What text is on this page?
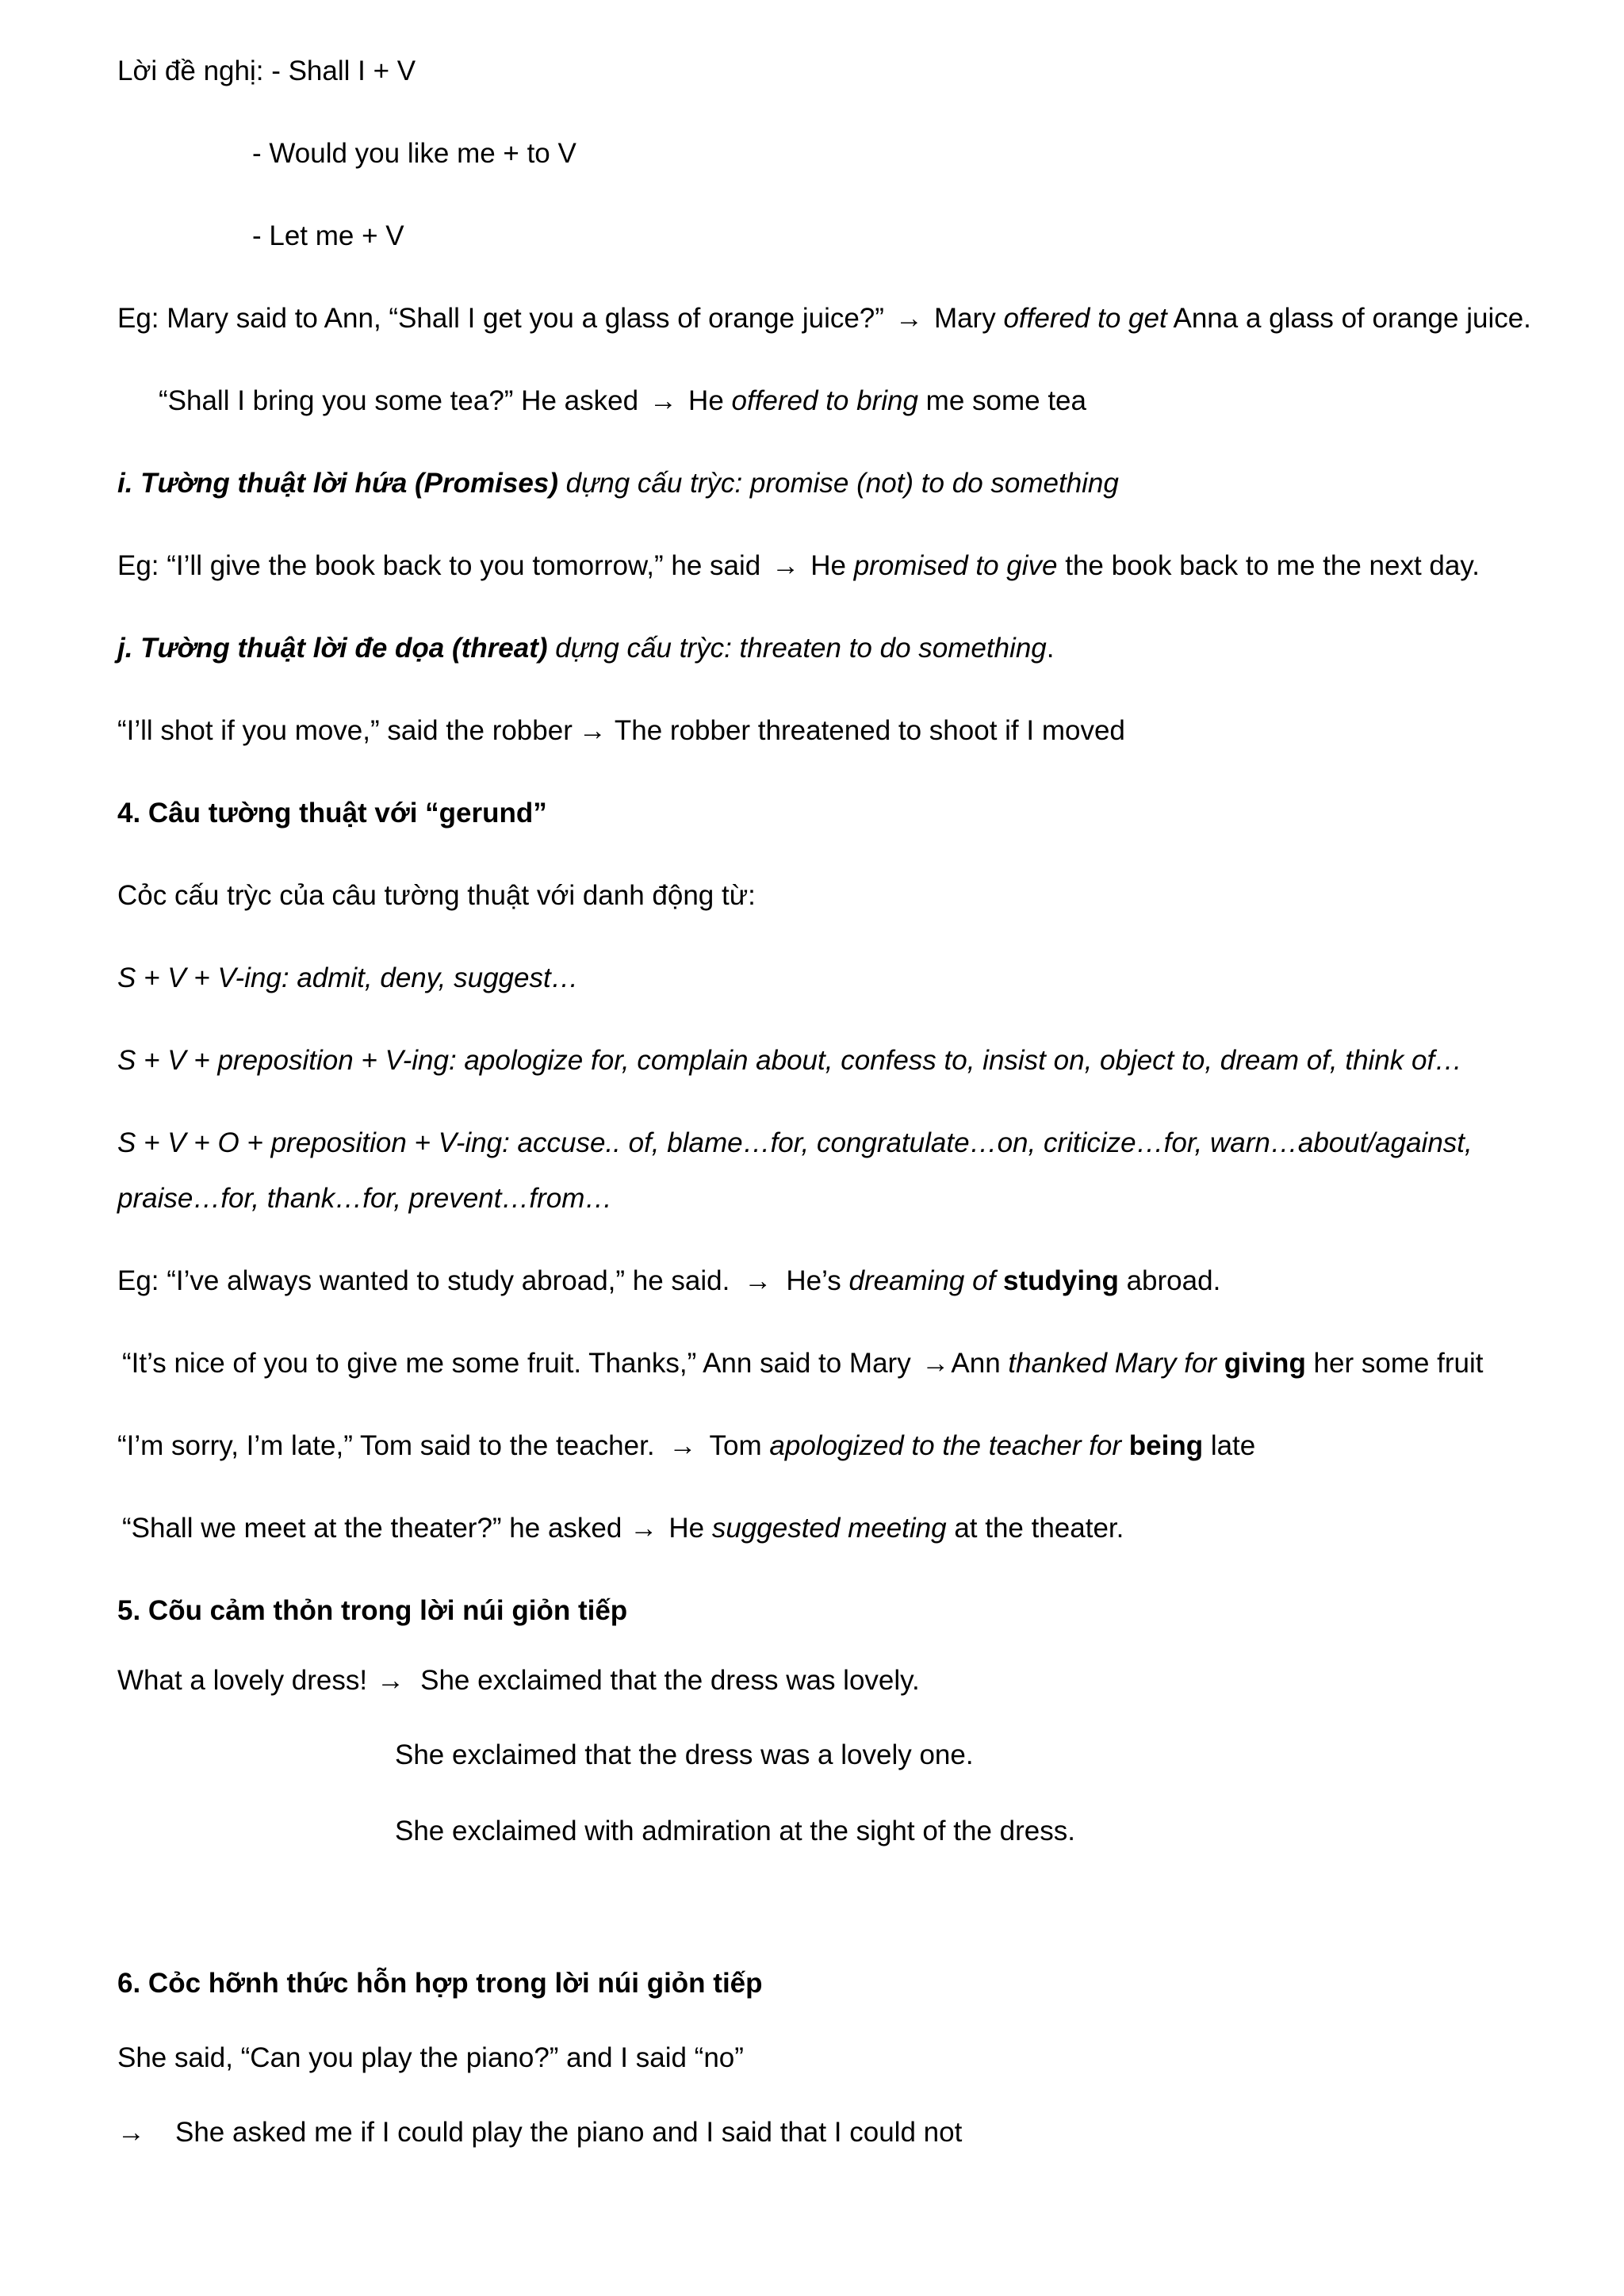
Lời đề nghị: - Shall I + V
- Would you like me + to V
- Let me + V
Eg: Mary said to Ann, “Shall I get you a glass of orange juice?” → Mary offered to get Anna a glass of orange juice.
“Shall I bring you some tea?” He asked → He offered to bring me some tea
i. Tường thuật lời hứa (Promises) dựng cấu trỳc: promise (not) to do something
Eg: “I’ll give the book back to you tomorrow,” he said → He promised to give the book back to me the next day.
j. Tường thuật lời đe dọa (threat) dựng cấu trỳc: threaten to do something.
“I’ll shot if you move,” said the robber → The robber threatened to shoot if I moved
4. Câu tường thuật với “gerund”
Cỏc cấu trỳc của câu tường thuật với danh động từ:
S + V + V-ing: admit, deny, suggest…
S + V + preposition + V-ing: apologize for, complain about, confess to, insist on, object to, dream of, think of…
S + V + O + preposition + V-ing: accuse.. of, blame…for, congratulate…on, criticize…for, warn…about/against,
praise…for, thank…for, prevent…from…
Eg: “I’ve always wanted to study abroad,” he said. → He’s dreaming of studying abroad.
“It’s nice of you to give me some fruit. Thanks,” Ann said to Mary →Ann thanked Mary for giving her some fruit
“I’m sorry, I’m late,” Tom said to the teacher. → Tom apologized to the teacher for being late
“Shall we meet at the theater?” he asked → He suggested meeting at the theater.
5. Cõu cảm thỏn trong lời núi giỏn tiếp
What a lovely dress! → She exclaimed that the dress was lovely.
She exclaimed that the dress was a lovely one.
She exclaimed with admiration at the sight of the dress.
6. Cỏc hỡnh thức hỗn hợp trong lời núi giỏn tiếp
She said, “Can you play the piano?” and I said “no”
→ She asked me if I could play the piano and I said that I could not
